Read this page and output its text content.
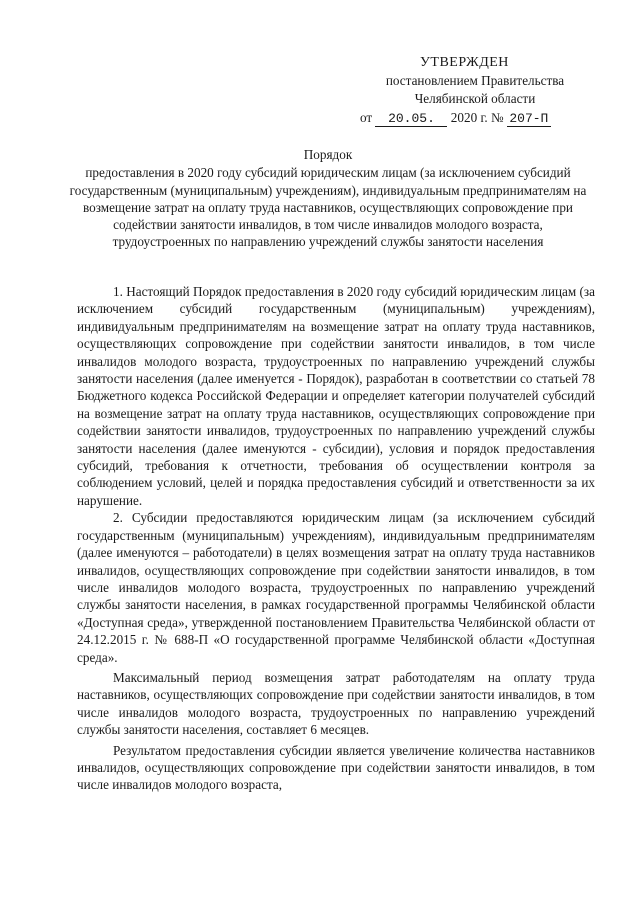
УТВЕРЖДЕН
постановлением Правительства
Челябинской области
от 20.05. 2020 г. № 207-П
Порядок
предоставления в 2020 году субсидий юридическим лицам (за исключением субсидий государственным (муниципальным) учреждениям), индивидуальным предпринимателям на возмещение затрат на оплату труда наставников, осуществляющих сопровождение при содействии занятости инвалидов, в том числе инвалидов молодого возраста, трудоустроенных по направлению учреждений службы занятости населения

1. Настоящий Порядок предоставления в 2020 году субсидий юридическим лицам (за исключением субсидий государственным (муниципальным) учреждениям), индивидуальным предпринимателям на возмещение затрат на оплату труда наставников, осуществляющих сопровождение при содействии занятости инвалидов, в том числе инвалидов молодого возраста, трудоустроенных по направлению учреждений службы занятости населения (далее именуется - Порядок), разработан в соответствии со статьей 78 Бюджетного кодекса Российской Федерации и определяет категории получателей субсидий на возмещение затрат на оплату труда наставников, осуществляющих сопровождение при содействии занятости инвалидов, трудоустроенных по направлению учреждений службы занятости населения (далее именуются - субсидии), условия и порядок предоставления субсидий, требования к отчетности, требования об осуществлении контроля за соблюдением условий, целей и порядка предоставления субсидий и ответственности за их нарушение.

2. Субсидии предоставляются юридическим лицам (за исключением субсидий государственным (муниципальным) учреждениям), индивидуальным предпринимателям (далее именуются – работодатели) в целях возмещения затрат на оплату труда наставников инвалидов, осуществляющих сопровождение при содействии занятости инвалидов, в том числе инвалидов молодого возраста, трудоустроенных по направлению учреждений службы занятости населения, в рамках государственной программы Челябинской области «Доступная среда», утвержденной постановлением Правительства Челябинской области от 24.12.2015 г. № 688-П «О государственной программе Челябинской области «Доступная среда».

Максимальный период возмещения затрат работодателям на оплату труда наставников, осуществляющих сопровождение при содействии занятости инвалидов, в том числе инвалидов молодого возраста, трудоустроенных по направлению учреждений службы занятости населения, составляет 6 месяцев.

Результатом предоставления субсидии является увеличение количества наставников инвалидов, осуществляющих сопровождение при содействии занятости инвалидов, в том числе инвалидов молодого возраста,
